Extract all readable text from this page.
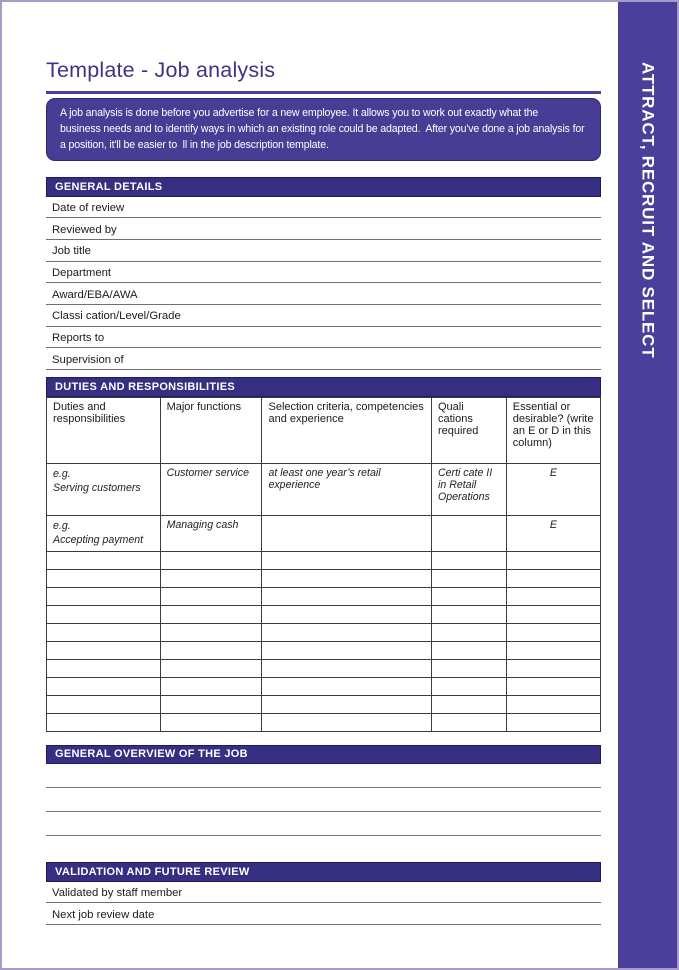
ATTRACT, RECRUIT AND SELECT
Template - Job analysis
A job analysis is done before you advertise for a new employee. It allows you to work out exactly what the
business needs and to identify ways in which an existing role could be adapted.  After you've done a job analysis for
a position, it'll be easier to  ll in the job description template.
GENERAL DETAILS
Date of review
Reviewed by
Job title
Department
Award/EBA/AWA
Classi cation/Level/Grade
Reports to
Supervision of
DUTIES AND RESPONSIBILITIES
Duties and responsibilities	Major functions	Selection criteria, competencies and experience	Quali cations required	Essential or desirable? (write an E or D in this column)

e.g.
Serving customers	Customer service	at least one year’s retail experience	Certi cate II in Retail Operations	E

e.g.
Accepting payment	Managing cash			E

GENERAL OVERVIEW OF THE JOB
VALIDATION AND FUTURE REVIEW
Validated by staff member
Next job review date
